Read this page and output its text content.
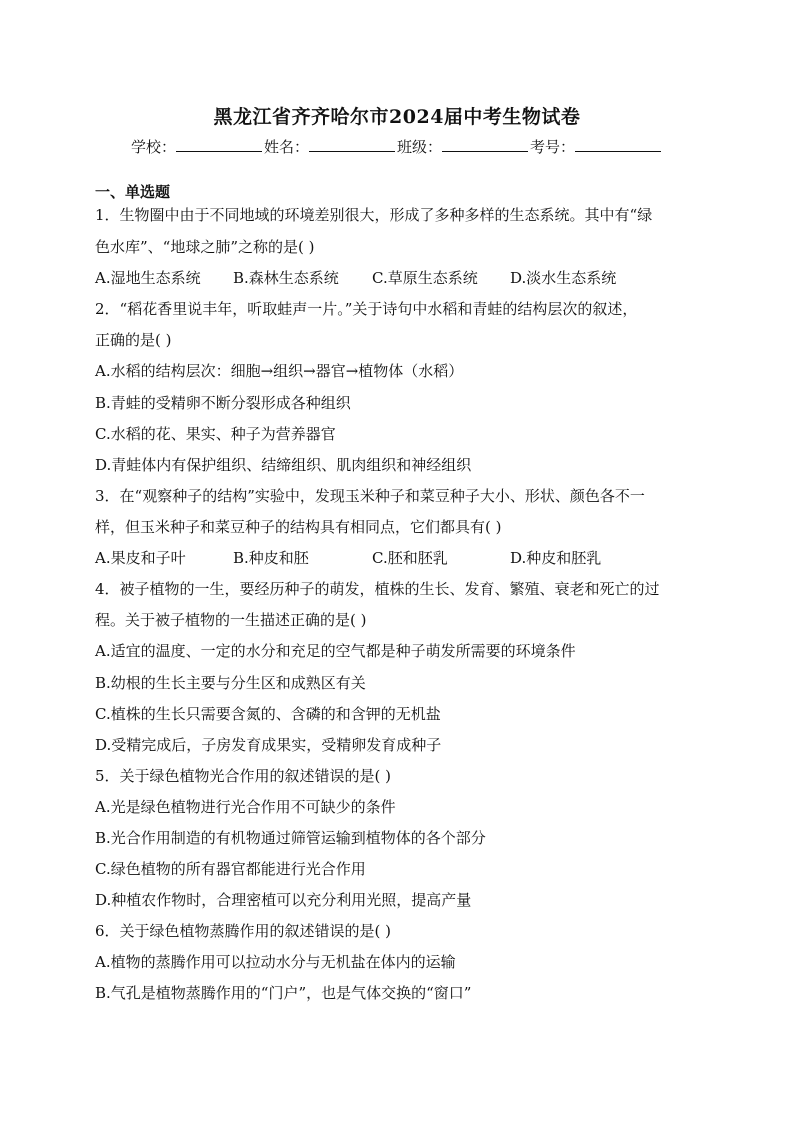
黑龙江省齐齐哈尔市2024届中考生物试卷
学校：	姓名：	班级：	考号：
一、单选题
1．生物圈中由于不同地域的环境差别很大，形成了多种多样的生态系统。其中有“绿
色水库”、“地球之肺”之称的是( )
A.湿地生态系统 B.森林生态系统 C.草原生态系统 D.淡水生态系统
2．“稻花香里说丰年，听取蛙声一片。”关于诗句中水稻和青蛙的结构层次的叙述，
正确的是( )
A.水稻的结构层次：细胞→组织→器官→植物体（水稻）
B.青蛙的受精卵不断分裂形成各种组织
C.水稻的花、果实、种子为营养器官
D.青蛙体内有保护组织、结缔组织、肌肉组织和神经组织
3．在“观察种子的结构”实验中，发现玉米种子和菜豆种子大小、形状、颜色各不一
样，但玉米种子和菜豆种子的结构具有相同点，它们都具有( )
A.果皮和子叶	B.种皮和胚	C.胚和胚乳	D.种皮和胚乳
4．被子植物的一生，要经历种子的萌发，植株的生长、发育、繁殖、衰老和死亡的过
程。关于被子植物的一生描述正确的是( )
A.适宜的温度、一定的水分和充足的空气都是种子萌发所需要的环境条件
B.幼根的生长主要与分生区和成熟区有关
C.植株的生长只需要含氮的、含磷的和含钾的无机盐
D.受精完成后，子房发育成果实，受精卵发育成种子
5．关于绿色植物光合作用的叙述错误的是( )
A.光是绿色植物进行光合作用不可缺少的条件
B.光合作用制造的有机物通过筛管运输到植物体的各个部分
C.绿色植物的所有器官都能进行光合作用
D.种植农作物时，合理密植可以充分利用光照，提高产量
6．关于绿色植物蒸腾作用的叙述错误的是( )
A.植物的蒸腾作用可以拉动水分与无机盐在体内的运输
B.气孔是植物蒸腾作用的“门户”，也是气体交换的“窗口”
